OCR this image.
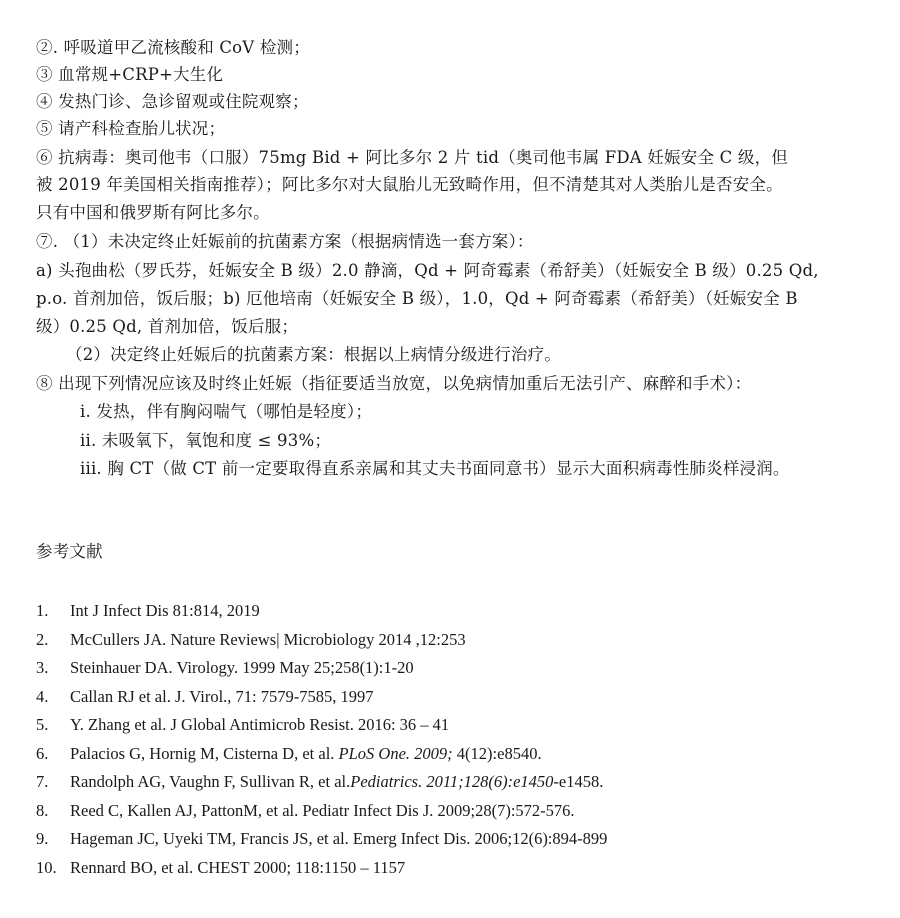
②. 呼吸道甲乙流核酸和 CoV 检测；
③ 血常规+CRP+大生化
④ 发热门诊、急诊留观或住院观察；
⑤ 请产科检查胎儿状况；
⑥ 抗病毒：奥司他韦（口服）75mg Bid + 阿比多尔 2 片 tid（奥司他韦属 FDA 妊娠安全 C 级，但
被 2019 年美国相关指南推荐）；阿比多尔对大鼠胎儿无致畸作用，但不清楚其对人类胎儿是否安全。
只有中国和俄罗斯有阿比多尔。
⑦. （1）未决定终止妊娠前的抗菌素方案（根据病情选一套方案）：
a) 头孢曲松（罗氏芬，妊娠安全 B 级）2.0 静滴，Qd + 阿奇霉素（希舒美）（妊娠安全 B 级）0.25 Qd,
p.o. 首剂加倍，饭后服；b) 厄他培南（妊娠安全 B 级），1.0，Qd + 阿奇霉素（希舒美）（妊娠安全 B
级）0.25 Qd, 首剂加倍，饭后服；
（2）决定终止妊娠后的抗菌素方案：根据以上病情分级进行治疗。
⑧ 出现下列情况应该及时终止妊娠（指征要适当放宽，以免病情加重后无法引产、麻醉和手术）：
i. 发热，伴有胸闷喘气（哪怕是轻度）；
ii. 未吸氧下，氧饱和度 ≤ 93%；
iii. 胸 CT（做 CT 前一定要取得直系亲属和其丈夫书面同意书）显示大面积病毒性肺炎样浸润。
参考文献
1. Int J Infect Dis 81:814, 2019
2. McCullers JA. Nature Reviews| Microbiology 2014 ,12:253
3. Steinhauer DA. Virology. 1999 May 25;258(1):1-20
4. Callan RJ et al. J. Virol., 71: 7579-7585, 1997
5. Y. Zhang et al. J Global Antimicrob Resist. 2016: 36 – 41
6. Palacios G, Hornig M, Cisterna D, et al. PLoS One. 2009; 4(12):e8540.
7. Randolph AG, Vaughn F, Sullivan R, et al.Pediatrics. 2011;128(6):e1450-e1458.
8. Reed C, Kallen AJ, PattonM, et al. Pediatr Infect Dis J. 2009;28(7):572-576.
9. Hageman JC, Uyeki TM, Francis JS, et al. Emerg Infect Dis. 2006;12(6):894-899
10. Rennard BO, et al. CHEST 2000; 118:1150 – 1157
